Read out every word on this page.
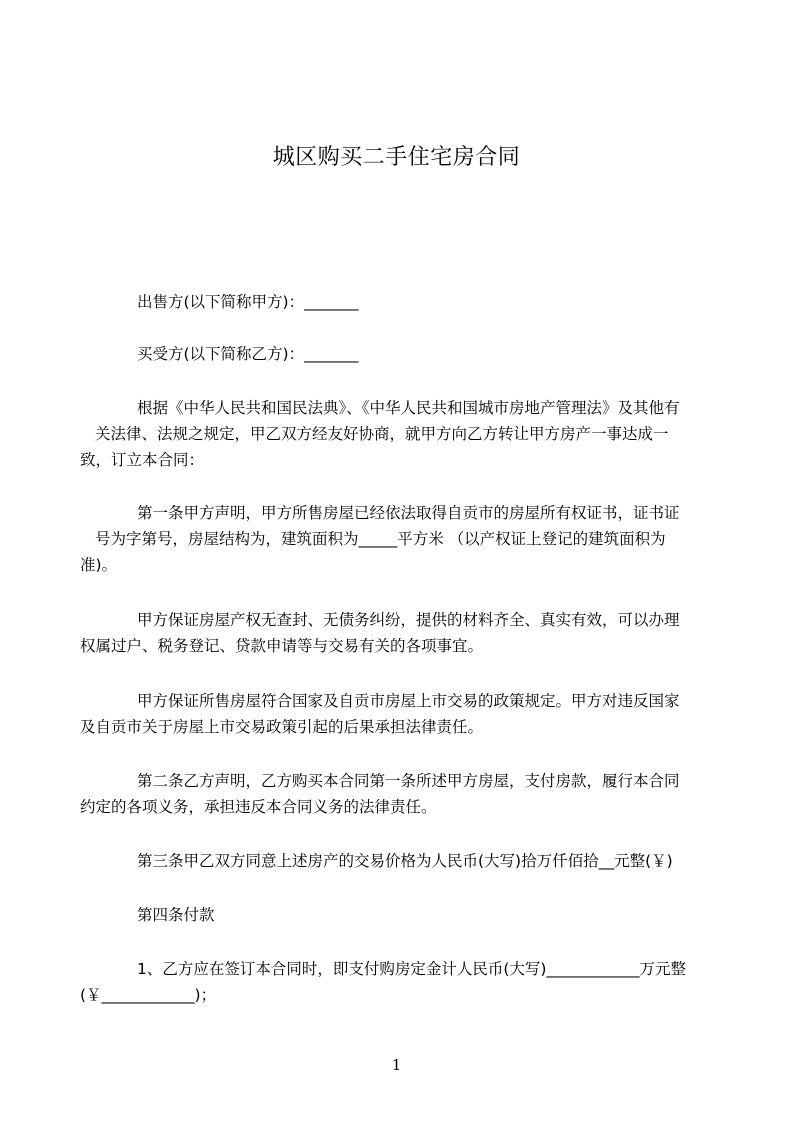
城区购买二手住宅房合同
出售方(以下简称甲方)：_______
买受方(以下简称乙方)：_______
根据《中华人民共和国民法典》、《中华人民共和国城市房地产管理法》及其他有
关法律、法规之规定，甲乙双方经友好协商，就甲方向乙方转让甲方房产一事达成一
致，订立本合同：
第一条甲方声明，甲方所售房屋已经依法取得自贡市的房屋所有权证书，证书证
号为字第号，房屋结构为，建筑面积为_____平方米 （以产权证上登记的建筑面积为
准)。
甲方保证房屋产权无查封、无债务纠纷，提供的材料齐全、真实有效，可以办理
权属过户、税务登记、贷款申请等与交易有关的各项事宜。
甲方保证所售房屋符合国家及自贡市房屋上市交易的政策规定。甲方对违反国家
及自贡市关于房屋上市交易政策引起的后果承担法律责任。
第二条乙方声明，乙方购买本合同第一条所述甲方房屋，支付房款，履行本合同
约定的各项义务，承担违反本合同义务的法律责任。
第三条甲乙双方同意上述房产的交易价格为人民币(大写)拾万仟佰拾__元整(￥)
第四条付款
1、乙方应在签订本合同时，即支付购房定金计人民币(大写)____________万元整
(￥____________)；
1
